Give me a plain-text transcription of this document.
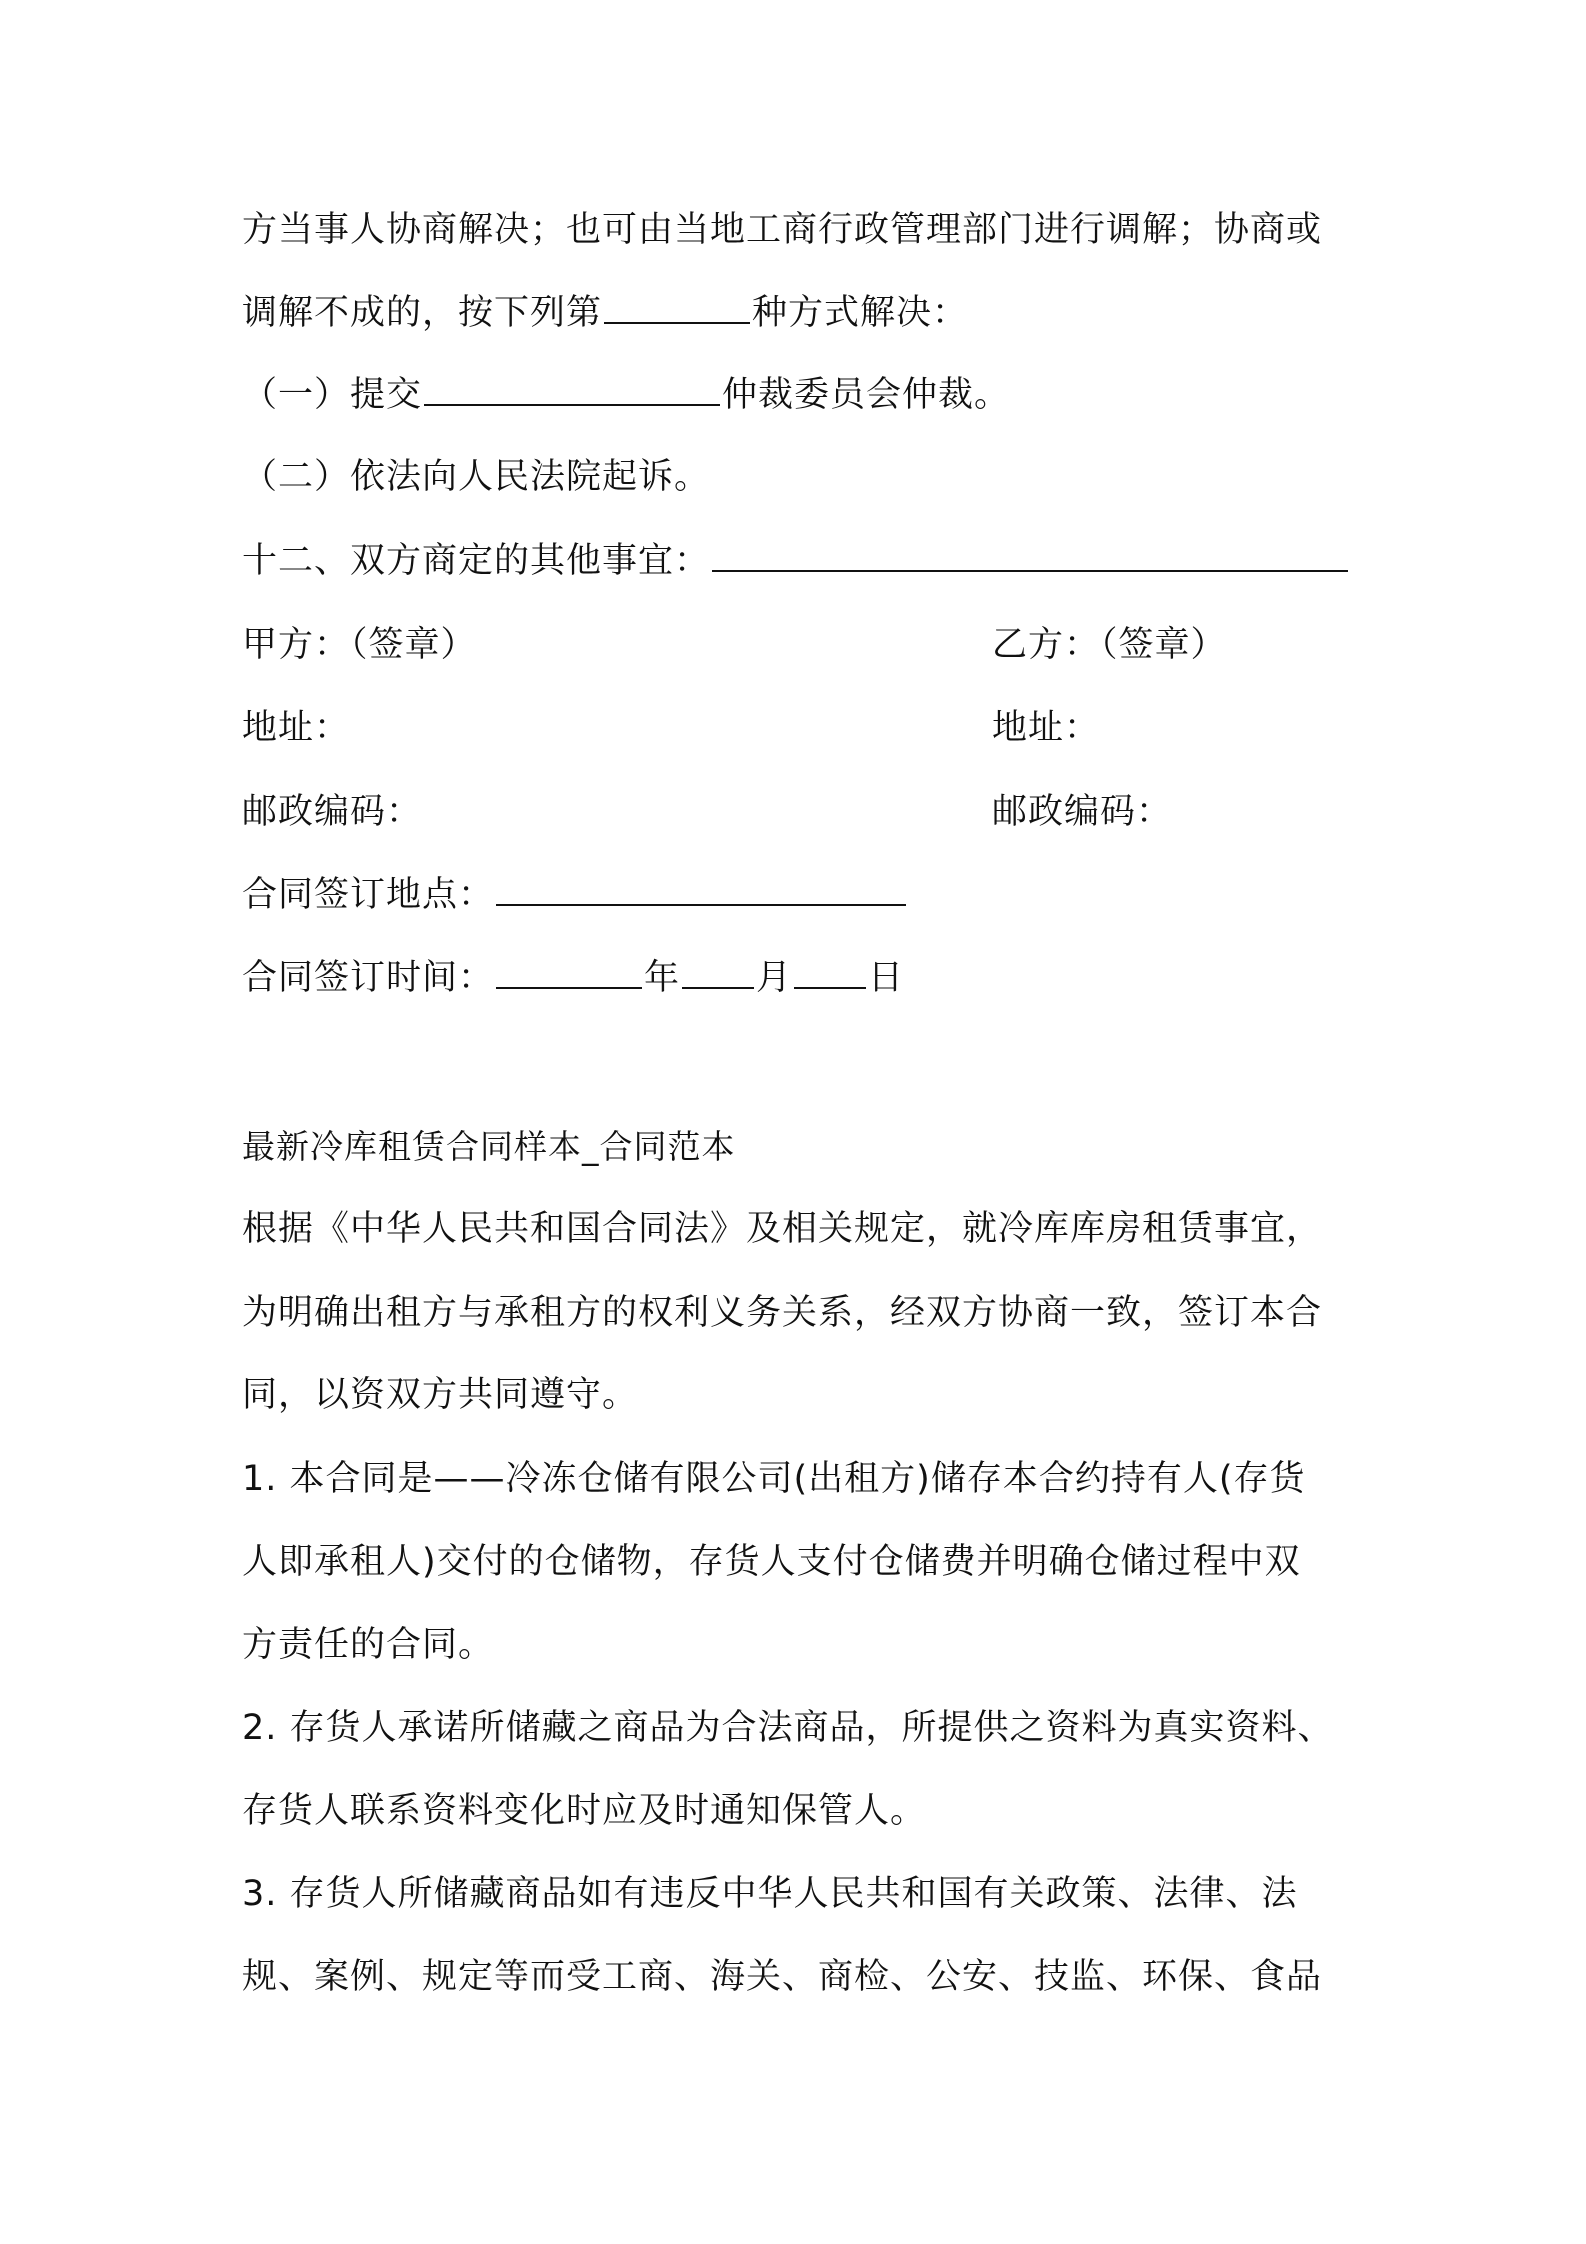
方当事人协商解决；也可由当地工商行政管理部门进行调解；协商或
调解不成的，按下列第	种方式解决：
（一）提交	仲裁委员会仲裁。
（二）依法向人民法院起诉。
十二、双方商定的其他事宜：
甲方：（签章）	乙方：（签章）
地址：	地址：
邮政编码：	邮政编码：
合同签订地点：
合同签订时间：	年 月 日
最新冷库租赁合同样本_合同范本
根据《中华人民共和国合同法》及相关规定，就冷库库房租赁事宜，
为明确出租方与承租方的权利义务关系，经双方协商一致，签订本合
同，以资双方共同遵守。
1. 本合同是——冷冻仓储有限公司(出租方)储存本合约持有人(存货
人即承租人)交付的仓储物，存货人支付仓储费并明确仓储过程中双
方责任的合同。
2. 存货人承诺所储藏之商品为合法商品，所提供之资料为真实资料、
存货人联系资料变化时应及时通知保管人。
3. 存货人所储藏商品如有违反中华人民共和国有关政策、法律、法
规、案例、规定等而受工商、海关、商检、公安、技监、环保、食品
